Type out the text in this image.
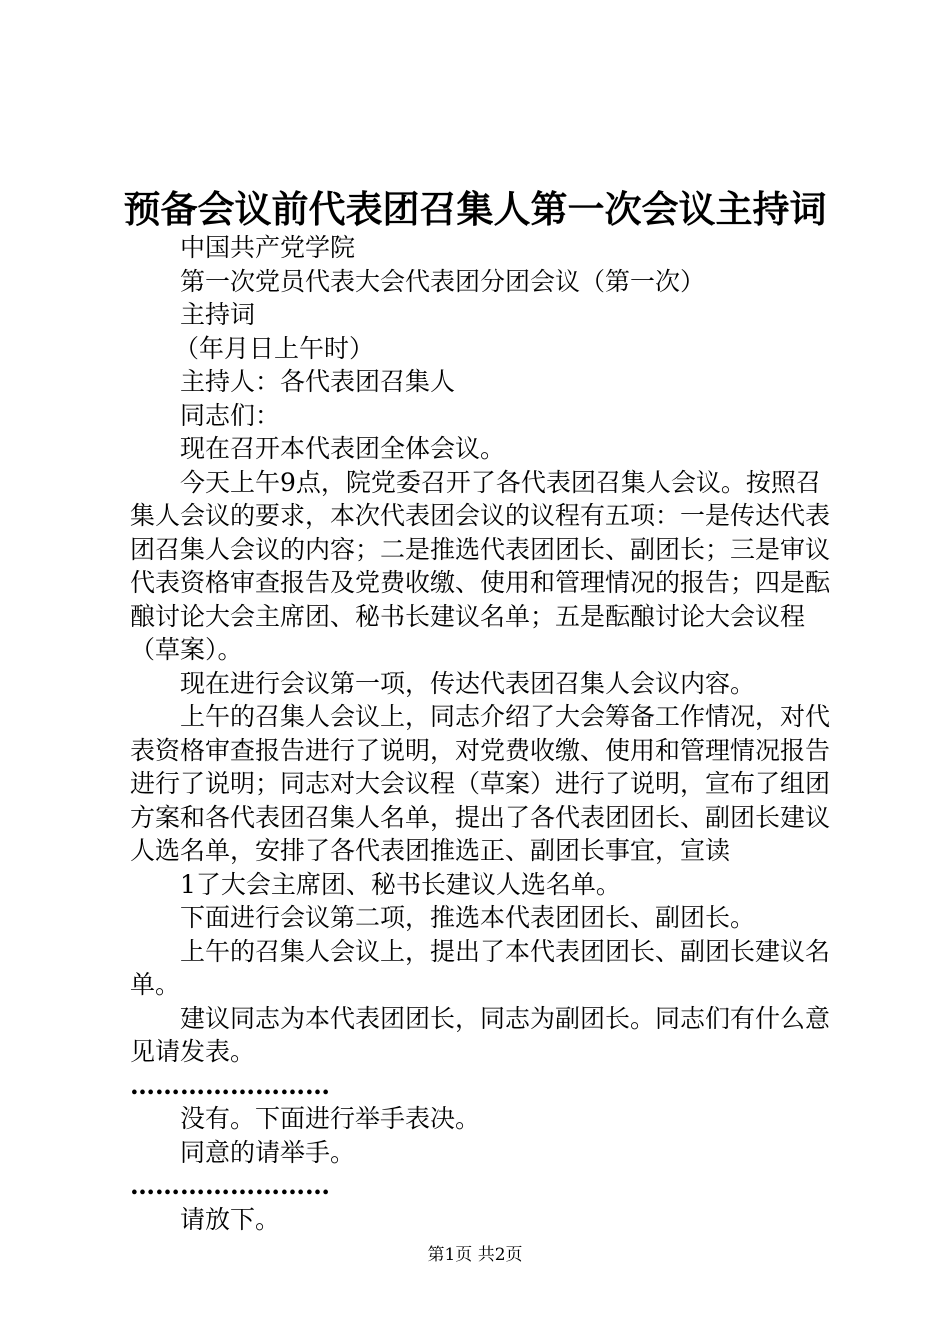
预备会议前代表团召集人第一次会议主持词

中国共产党学院

第一次党员代表大会代表团分团会议（第一次）

主持词

（年月日上午时）

主持人：各代表团召集人

同志们：

现在召开本代表团全体会议。

今天上午9点，院党委召开了各代表团召集人会议。按照召集人会议的要求，本次代表团会议的议程有五项：一是传达代表团召集人会议的内容；二是推选代表团团长、副团长；三是审议代表资格审查报告及党费收缴、使用和管理情况的报告；四是酝酿讨论大会主席团、秘书长建议名单；五是酝酿讨论大会议程（草案）。

现在进行会议第一项，传达代表团召集人会议内容。

上午的召集人会议上，同志介绍了大会筹备工作情况，对代表资格审查报告进行了说明，对党费收缴、使用和管理情况报告进行了说明；同志对大会议程（草案）进行了说明，宣布了组团方案和各代表团召集人名单，提出了各代表团团长、副团长建议人选名单，安排了各代表团推选正、副团长事宜，宣读

1了大会主席团、秘书长建议人选名单。

下面进行会议第二项，推选本代表团团长、副团长。

上午的召集人会议上，提出了本代表团团长、副团长建议名单。

建议同志为本代表团团长，同志为副团长。同志们有什么意见请发表。

……………………

没有。下面进行举手表决。

同意的请举手。

……………………

请放下。

第1页 共2页
